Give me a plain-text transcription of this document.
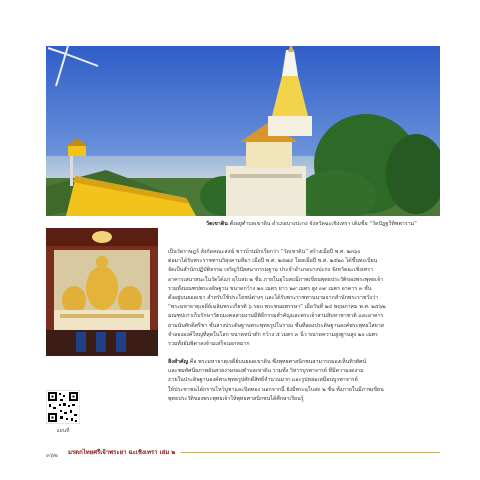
แผนที่
วัดเขาดิน ตั้งอยู่ตำบลเขาดิน อำเภอบางปะกง จังหวัดฉะเชิงเทรา เดิมชื่อ “วัดปัฎฐวีทิพพาราม”
เป็นวัดราษฎร์ สังกัดคณะสงฆ์ ชาวบ้านมักเรียกว่า “วัดเขาดิน” สร้างเมื่อปี พ.ศ. ๒๓๖๐
ต่อมาได้รับพระราชทานวิสุงคามสีมา เมื่อปี พ.ศ. ๒๔๗๔ โดยเมื่อปี พ.ศ. ๒๕๒๐ ได้ขึ้นทะเบียน
จัดเป็นสำนักปฏิบัติธรรม เจริญวิปัสสนากรรมฐาน ประจำอำเภอบางปะกง จังหวัดฉะเชิงเทรา
อาคารเสนาสนะในวัดได้แก่ อุโบสถ ๒ ชั้น ภายในอุโบสถมีภาพเขียนพุทธประวัติของพระพุทธเจ้า
รวมทั้งมณฑปพระอธิษฐาน ขนาดกว้าง ๒๐ เมตร ยาว ๒๙ เมตร สูง ๓๙ เมตร อาคาร ๓ ชั้น
ตั้งอยู่บนยอดเขา สำหรับใช้ประโยชน์ต่างๆ และได้รับพระราชทานนามจากสำนักพระราชวังว่า
“พระมหาธาตุเจดีย์เฉลิมพระเกียรติ ๖ รอบ พระชนมพรรษา” เมื่อวันที่ ๒๔ พฤษภาคม พ.ศ. ๒๕๖๒
มณฑปเก่าเก็บรักษาวัตถุมงคลสวยงามมีพิธีกรรมสำคัญและพระเจ้าสามสิบหาชาชาติ และอาคาร
ยามนับศักดิ์ศรีชา ชั้นล่างประดิษฐานพระพุทธรูปโบราณ ชั้นที่สองประดิษฐานองค์พระพุทธไสยาส
จำลององค์ใหญ่ที่สุดในโลก ขนาดหน้าตัก กว้าง ๕ เมตร ๓ นิ้ว ขนาดความสูงฐานสูง ๒๐ เมตร
รวมทั้งอัมพิตาลงจ้ามเสร็จนอกหมาก
สิ่งสำคัญ คือ พระมหาธาตุเจดีย์บนยอดเขาดิน ซึ่งพุทธศาสนิกชนสามารถมองเห็นทิวทัศน์
และชมทัศนียภาพอันสวยงามของตำบลเขาดิน รวมทั้ง วิหารบูรพาจารย์ ที่มีความงดงาม
ภายในประดิษฐานองค์พระพุทธรูปศักดิ์สิทธิ์จำนวนมาก และรูปหล่อเหมือนบูรพาจารย์
ให้ประชาชนได้กราบไหว้บูชาและปิดทอง นอกจากนี้ ยังมีพระอุโบสถ ๒ ชั้น ทั้งภายในมีภาพเขียน
พุทธประวัติของพระพุทธเจ้าให้พุทธศาสนิกชนได้ศึกษาเรียนรู้
๓๖๒ มรดกไทยศรีเจ้าพระยา ฉะเชิงเทรา เล่ม ๒
